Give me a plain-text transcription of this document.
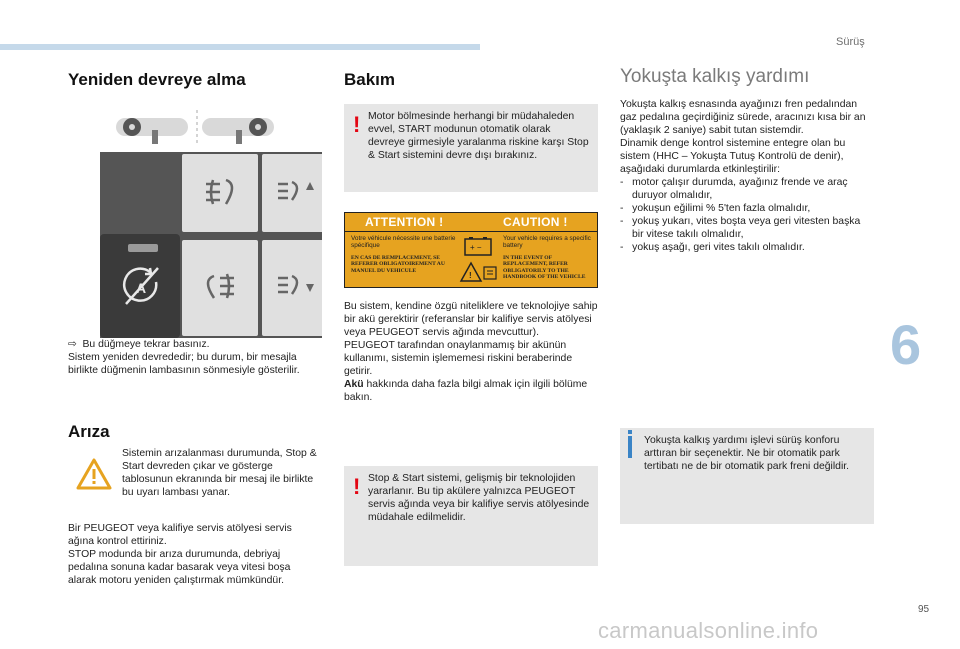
Sürüş
6
95
carmanualsonline.info
Yeniden devreye alma
A
⇨  Bu düğmeye tekrar basınız.
Sistem yeniden devrededir; bu durum, bir mesajla birlikte düğmenin lambasının sönmesiyle gösterilir.
Arıza
Sistemin arızalanması durumunda, Stop & Start devreden çıkar ve gösterge tablosunun ekranında bir mesaj ile birlikte bu uyarı lambası yanar.
Bir PEUGEOT veya kalifiye servis atölyesi servis ağına kontrol ettiriniz.
STOP modunda bir arıza durumunda, debriyaj pedalına sonuna kadar basarak veya vitesi boşa alarak motoru yeniden çalıştırmak mümkündür.
Bakım
! Motor bölmesinde herhangi bir müdahaleden evvel, START modunun otomatik olarak devreye girmesiyle yaralanma riskine karşı Stop & Start sistemini devre dışı bırakınız.
ATTENTION !	CAUTION !
Votre véhicule nécessite une batterie spécifique
Your vehicle requires a specific battery
EN CAS DE REMPLACEMENT, SE REFERER OBLIGATOIREMENT AU MANUEL DU VEHICULE
IN THE EVENT OF REPLACEMENT, REFER OBLIGATORILY TO THE HANDBOOK OF THE VEHICLE
+ −
!
Bu sistem, kendine özgü niteliklere ve teknolojiye sahip bir akü gerektirir (referanslar bir kalifiye servis atölyesi veya PEUGEOT servis ağında mevcuttur).
PEUGEOT tarafından onaylanmamış bir akünün kullanımı, sistemin işlememesi riskini beraberinde getirir.
Akü hakkında daha fazla bilgi almak için ilgili bölüme bakın.
! Stop & Start sistemi, gelişmiş bir teknolojiden yararlanır. Bu tip akülere yalnızca PEUGEOT servis ağında veya bir kalifiye servis atölyesinde müdahale edilmelidir.
Yokuşta kalkış yardımı
Yokuşta kalkış esnasında ayağınızı fren pedalından gaz pedalına geçirdiğiniz sürede, aracınızı kısa bir an (yaklaşık 2 saniye) sabit tutan sistemdir.
Dinamik denge kontrol sistemine entegre olan bu sistem (HHC – Yokuşta Tutuş Kontrolü de denir), aşağıdaki durumlarda etkinleştirilir:
-   motor çalışır durumda, ayağınız frende ve araç duruyor olmalıdır,
-   yokuşun eğilimi % 5'ten fazla olmalıdır,
-   yokuş yukarı, vites boşta veya geri vitesten başka bir vitese takılı olmalıdır,
-   yokuş aşağı, geri vites takılı olmalıdır.
Yokuşta kalkış yardımı işlevi sürüş konforu arttıran bir seçenektir. Ne bir otomatik park tertibatı ne de bir otomatik park freni değildir.
